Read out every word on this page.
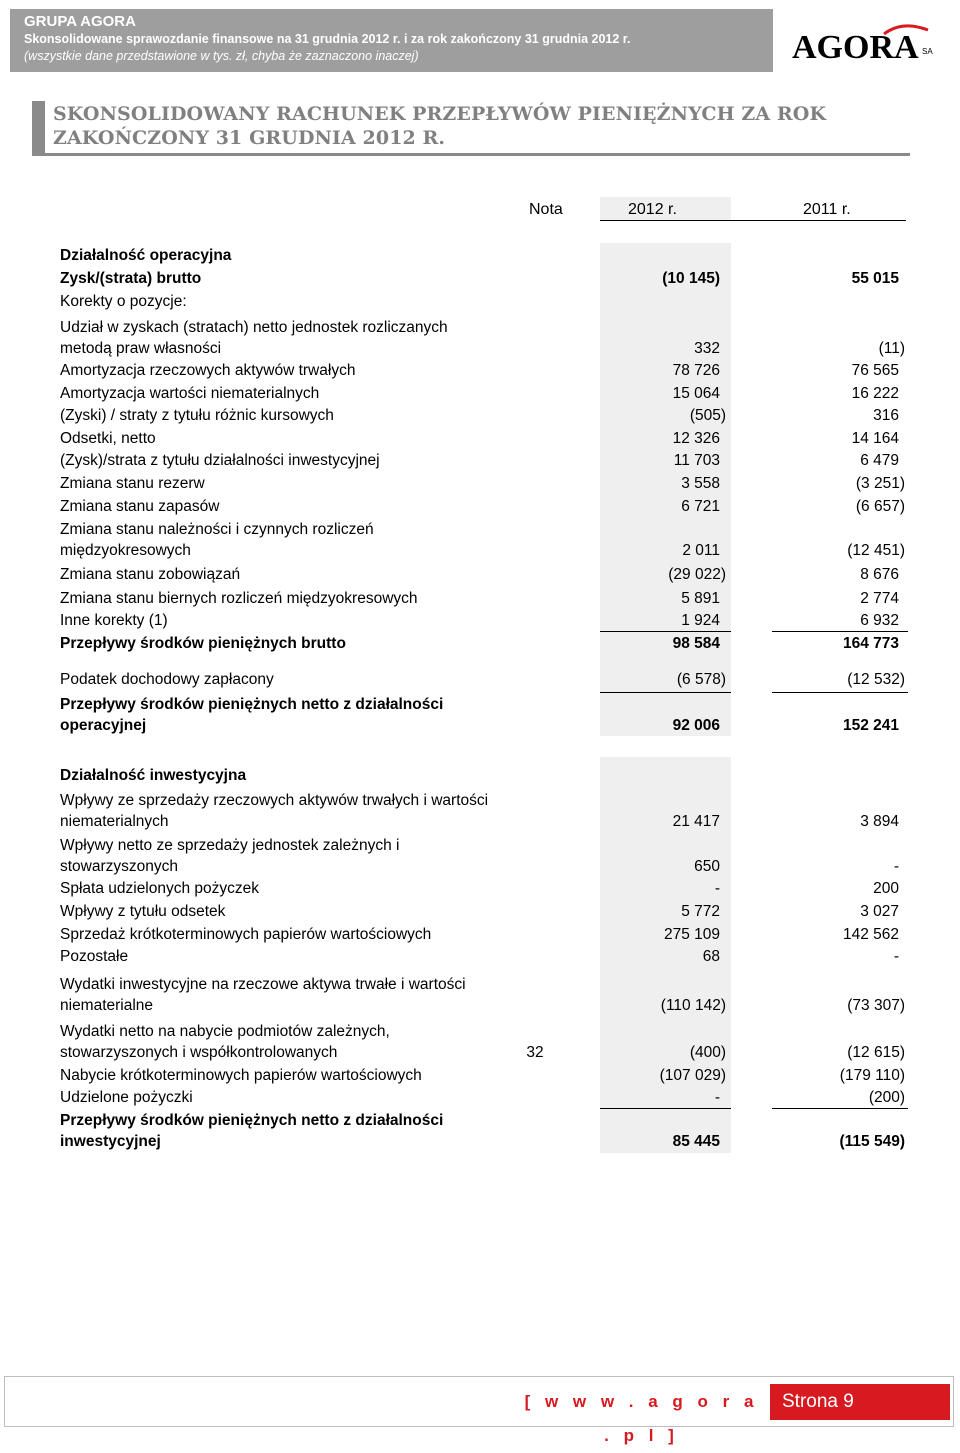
GRUPA AGORA
Skonsolidowane sprawozdanie finansowe na 31 grudnia 2012 r. i za rok zakończony 31 grudnia 2012 r.
(wszystkie dane przedstawione w tys. zł, chyba że zaznaczono inaczej)	AGORA SA
SKONSOLIDOWANY RACHUNEK PRZEPŁYWÓW PIENIĘŻNYCH ZA ROK ZAKOŃCZONY 31 GRUDNIA 2012 R.
Nota	2012 r.	2011 r.
Działalność operacyjna
Zysk/(strata) brutto	(10 145)	55 015
Korekty o pozycje:
Udział w zyskach (stratach) netto jednostek rozliczanych metodą praw własności	332	(11)
Amortyzacja rzeczowych aktywów trwałych	78 726	76 565
Amortyzacja wartości niematerialnych	15 064	16 222
(Zyski) / straty z tytułu różnic kursowych	(505)	316
Odsetki, netto	12 326	14 164
(Zysk)/strata z tytułu działalności inwestycyjnej	11 703	6 479
Zmiana stanu rezerw	3 558	(3 251)
Zmiana stanu zapasów	6 721	(6 657)
Zmiana stanu należności i czynnych rozliczeń międzyokresowych	2 011	(12 451)
Zmiana stanu zobowiązań	(29 022)	8 676
Zmiana stanu biernych rozliczeń międzyokresowych	5 891	2 774
Inne korekty (1)	1 924	6 932
Przepływy środków pieniężnych brutto	98 584	164 773
Podatek dochodowy zapłacony	(6 578)	(12 532)
Przepływy środków pieniężnych netto z działalności operacyjnej	92 006	152 241
Działalność inwestycyjna
Wpływy ze sprzedaży rzeczowych aktywów trwałych i wartości niematerialnych	21 417	3 894
Wpływy netto ze sprzedaży jednostek zależnych i stowarzyszonych	650	-
Spłata udzielonych pożyczek	-	200
Wpływy z tytułu odsetek	5 772	3 027
Sprzedaż krótkoterminowych papierów wartościowych	275 109	142 562
Pozostałe	68	-
Wydatki inwestycyjne na rzeczowe aktywa trwałe i wartości niematerialne	(110 142)	(73 307)
Wydatki netto na nabycie podmiotów zależnych, stowarzyszonych i współkontrolowanych	32	(400)	(12 615)
Nabycie krótkoterminowych papierów wartościowych	(107 029)	(179 110)
Udzielone pożyczki	-	(200)
Przepływy środków pieniężnych netto z działalności inwestycyjnej	85 445	(115 549)
[ w w w . a g o r a . p l ]
Strona 9
